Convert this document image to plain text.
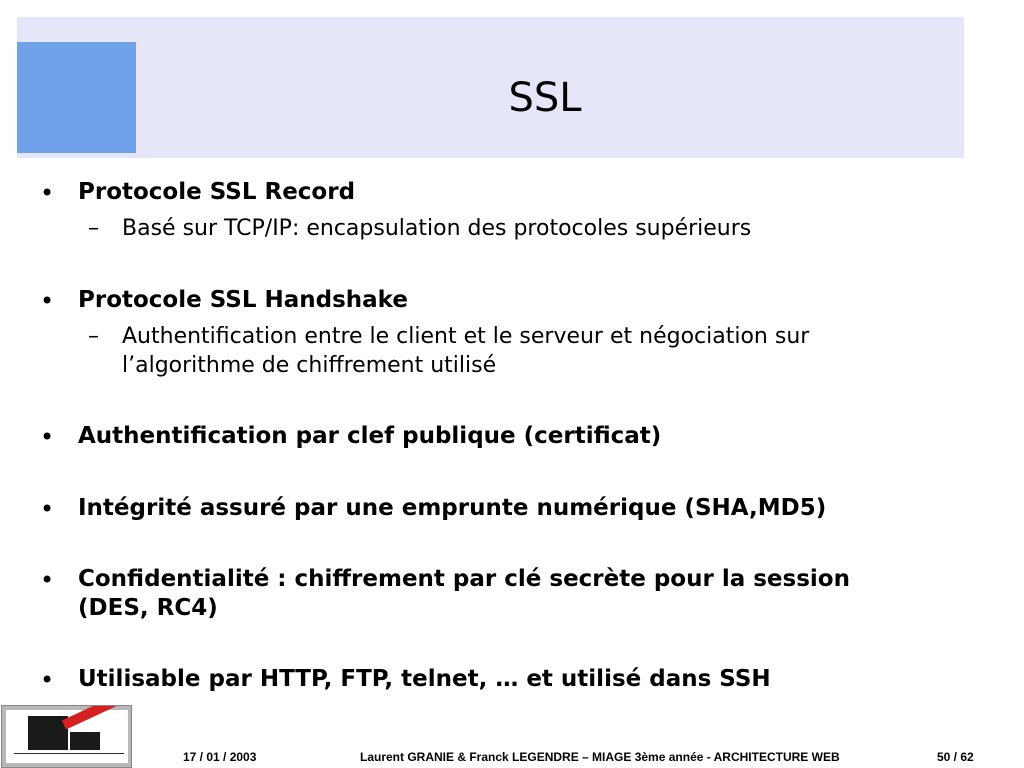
SSL
• Protocole SSL Record
– Basé sur TCP/IP: encapsulation des protocoles supérieurs
• Protocole SSL Handshake
– Authentification entre le client et le serveur et négociation sur l’algorithme de chiffrement utilisé
• Authentification par clef publique (certificat)
• Intégrité assuré par une emprunte numérique (SHA,MD5)
• Confidentialité : chiffrement par clé secrète pour la session (DES, RC4)
• Utilisable par HTTP, FTP, telnet, … et utilisé dans SSH
17 / 01 / 2003	Laurent GRANIE & Franck LEGENDRE – MIAGE 3ème année - ARCHITECTURE WEB	50 / 62
